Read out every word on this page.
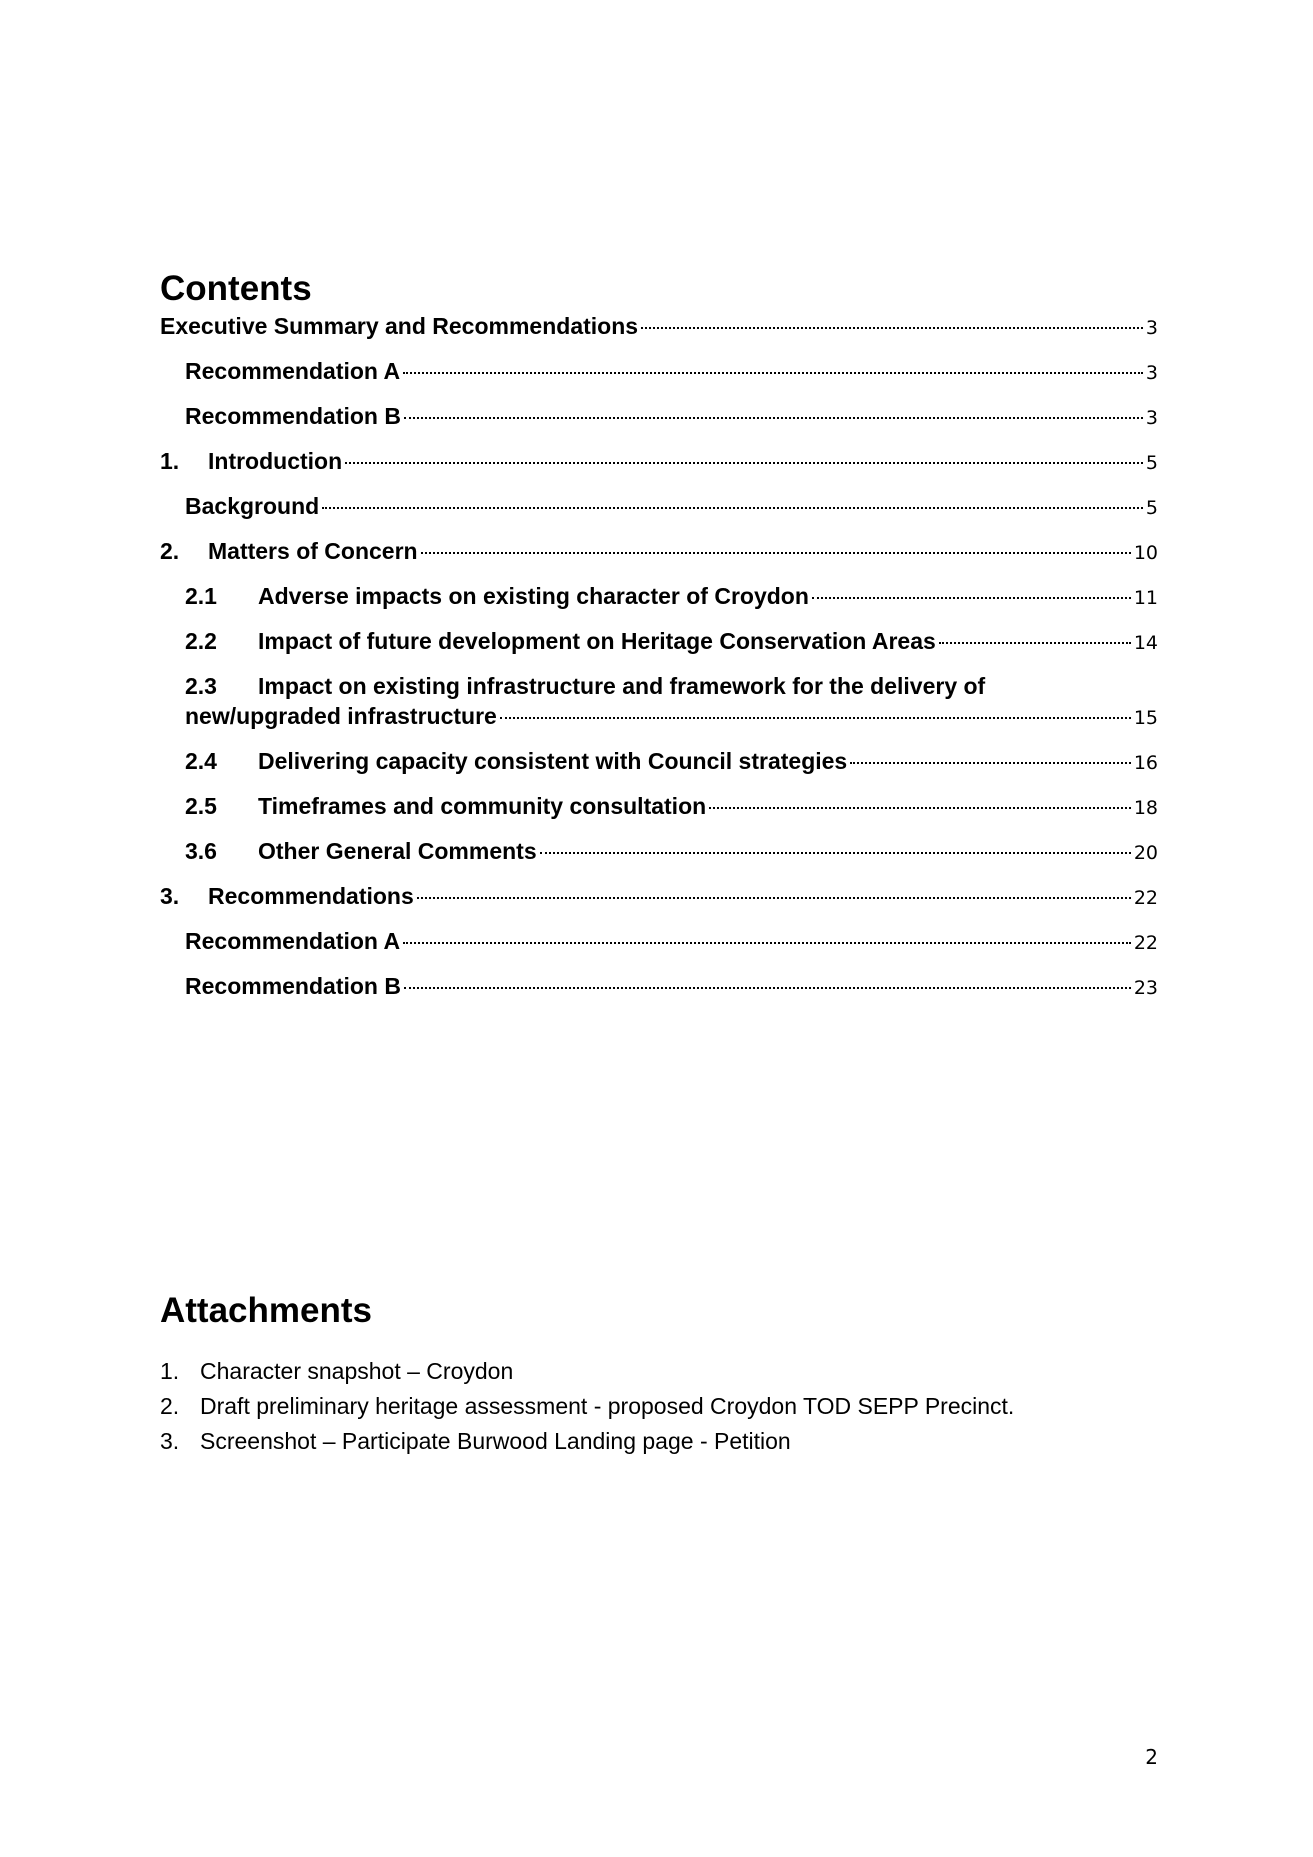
Contents
Executive Summary and Recommendations	3
Recommendation A	3
Recommendation B	3
1.	Introduction	5
Background	5
2.	Matters of Concern	10
2.1	Adverse impacts on existing character of Croydon	11
2.2	Impact of future development on Heritage Conservation Areas	14
2.3 Impact on existing infrastructure and framework for the delivery of
new/upgraded infrastructure	15
2.4	Delivering capacity consistent with Council strategies	16
2.5	Timeframes and community consultation	18
3.6	Other General Comments	20
3.	Recommendations	22
Recommendation A	22
Recommendation B	23
Attachments
1. Character snapshot – Croydon
2. Draft preliminary heritage assessment - proposed Croydon TOD SEPP Precinct.
3. Screenshot – Participate Burwood Landing page - Petition
2
